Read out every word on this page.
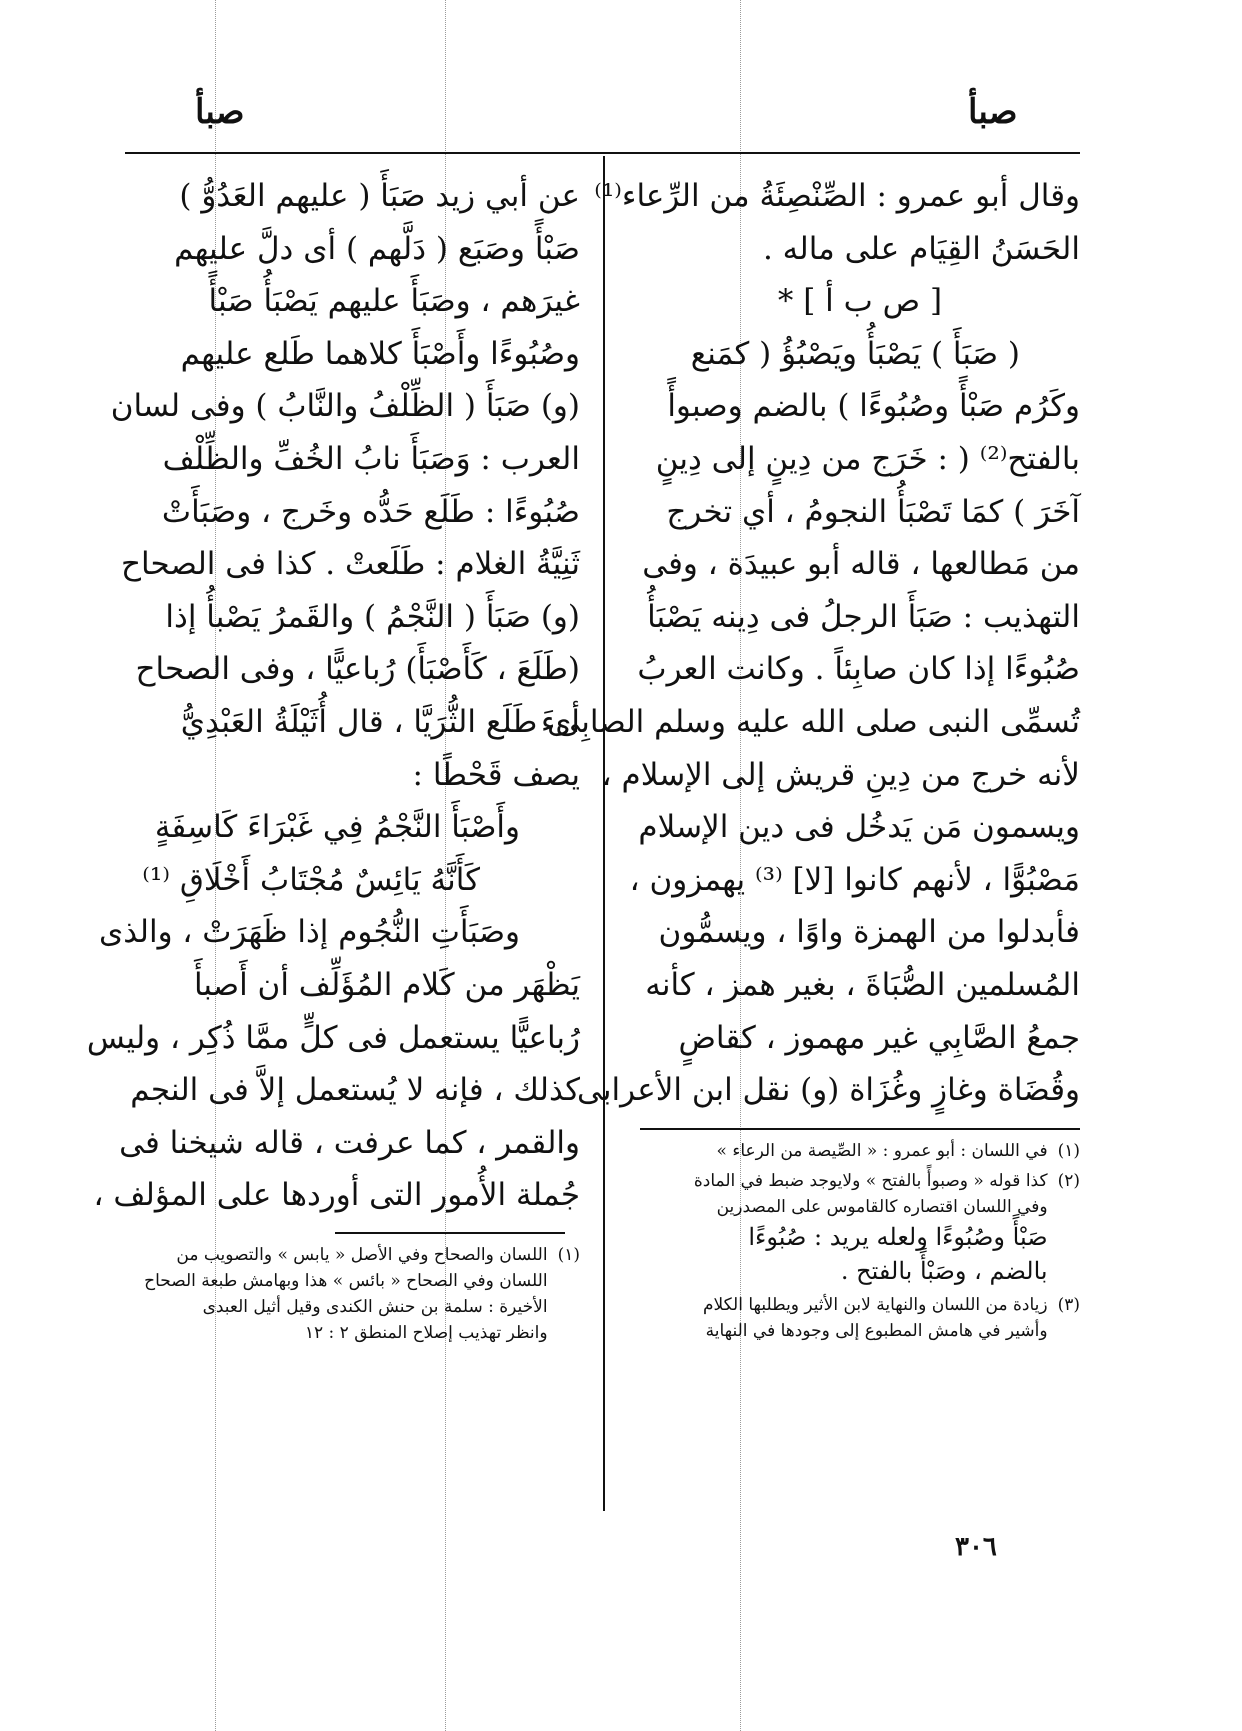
صبأ	صبأ
وقال أبو عمرو : الصِّنْصِئَةُ من الرِّعاء⁽¹⁾
الحَسَنُ القِيَام على ماله .
[ ص ب أ ] *
( صَبَأَ ) يَصْبَأُ ويَصْبُؤُ ( كمَنع
وكَرُم صَبْأً وصُبُوءًا ) بالضم وصبوأً
بالفتح⁽²⁾ ( : خَرَج من دِينٍ إلى دِينٍ
آخَرَ ) كمَا تَصْبَأُ النجومُ ، أي تخرج
من مَطالعها ، قاله أبو عبيدَة ، وفى
التهذيب : صَبَأَ الرجلُ فى دِينه يَصْبَأُ
صُبُوءًا إذا كان صابِئاً . وكانت العربُ
تُسمِّى النبى صلى الله عليه وسلم الصابِىءَ
لأنه خرج من دِينِ قريش إلى الإسلام ،
ويسمون مَن يَدخُل فى دين الإسلام
مَصْبُوًّا ، لأنهم كانوا [لا] ⁽³⁾ يهمزون ،
فأبدلوا من الهمزة واوًا ، ويسمُّون
المُسلمين الصُّبَاةَ ، بغير همز ، كأنه
جمعُ الصَّابِي غير مهموز ، كقاضٍ
وقُضَاة وغازٍ وغُزَاة (و) نقل ابن الأعرابى
(١)
في اللسان : أبو عمرو : « الصِّيصة من الرعاء »
(٢)
كذا قوله « وصبوأً بالفتح » ولايوجد ضبط في المادة
وفي اللسان اقتصاره كالقاموس على المصدرين
صَبْأً وصُبُوءًا ولعله يريد : صُبُوءًا
بالضم ، وصَبْأً بالفتح .
(٣)
زيادة من اللسان والنهاية لابن الأثير ويطلبها الكلام
وأشير في هامش المطبوع إلى وجودها في النهاية
عن أبي زيد صَبَأَ ( عليهم العَدُوُّ )
صَبْأً وصَبَع ( دَلَّهم ) أى دلَّ عليهم
غيرَهم ، وصَبَأَ عليهم يَصْبَأُ صَبْأً
وصُبُوءًا وأَصْبَأَ كلاهما طَلع عليهم
(و) صَبَأَ ( الظِّلْفُ والنَّابُ ) وفى لسان
العرب : وَصَبَأَ نابُ الخُفِّ والظِّلْف
صُبُوءًا : طَلَع حَدُّه وخَرج ، وصَبَأَتْ
ثَنِيَّةُ الغلام : طَلَعتْ . كذا فى الصحاح
(و) صَبَأَ ( النَّجْمُ ) والقَمرُ يَصْبأُ إذا
(طَلَعَ ، كَأَصْبَأَ) رُباعيًّا ، وفى الصحاح
أى طَلَع الثُّرَيَّا ، قال أُثَيْلَةُ العَبْدِيُّ
يصف قَحْطًا :
وأَصْبَأَ النَّجْمُ فِي غَبْرَاءَ كَاسِفَةٍ
كَأَنَّهُ يَائِسٌ مُجْتَابُ أَخْلَاقِ ⁽¹⁾
وصَبَأَتِ النُّجُوم إذا ظَهَرَتْ ، والذى
يَظْهَر من كَلام المُؤَلِّف أن أَصبأَ
رُباعيًّا يستعمل فى كلٍّ ممَّا ذُكِر ، وليس
كذلك ، فإنه لا يُستعمل إلاَّ فى النجم
والقمر ، كما عرفت ، قاله شيخنا فى
جُملة الأُمور التى أوردها على المؤلف ،
(١)
اللسان والصحاح وفي الأصل « يابس » والتصويب من
اللسان وفي الصحاح « بائس » هذا وبهامش طبعة الصحاح
الأخيرة : سلمة بن حنش الكندى وقيل أثيل العبدى
وانظر تهذيب إصلاح المنطق ٢ : ١٢
٣٠٦
